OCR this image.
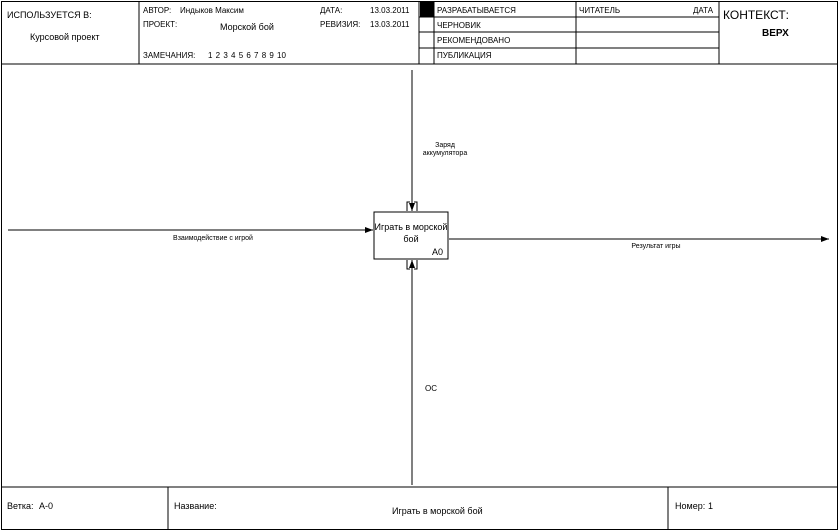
ИСПОЛЬЗУЕТСЯ В:
Курсовой проект
АВТОР: Индыков Максим
ПРОЕКТ:	Морской бой
ЗАМЕЧАНИЯ: 1 2 3 4 5 6 7 8 9 10
ДАТА:	13.03.2011
РЕВИЗИЯ: 13.03.2011
РАЗРАБАТЫВАЕТСЯ
ЧЕРНОВИК
РЕКОМЕНДОВАНО
ПУБЛИКАЦИЯ
ЧИТАТЕЛЬ	ДАТА КОНТЕКСТ:
ВЕРХ
Играть в морской бой
A0
Заряд аккумулятора
Взаимодействие с игрой
Результат игры
ОС
Ветка: A-0	Название:	Играть в морской бой	Номер: 1
